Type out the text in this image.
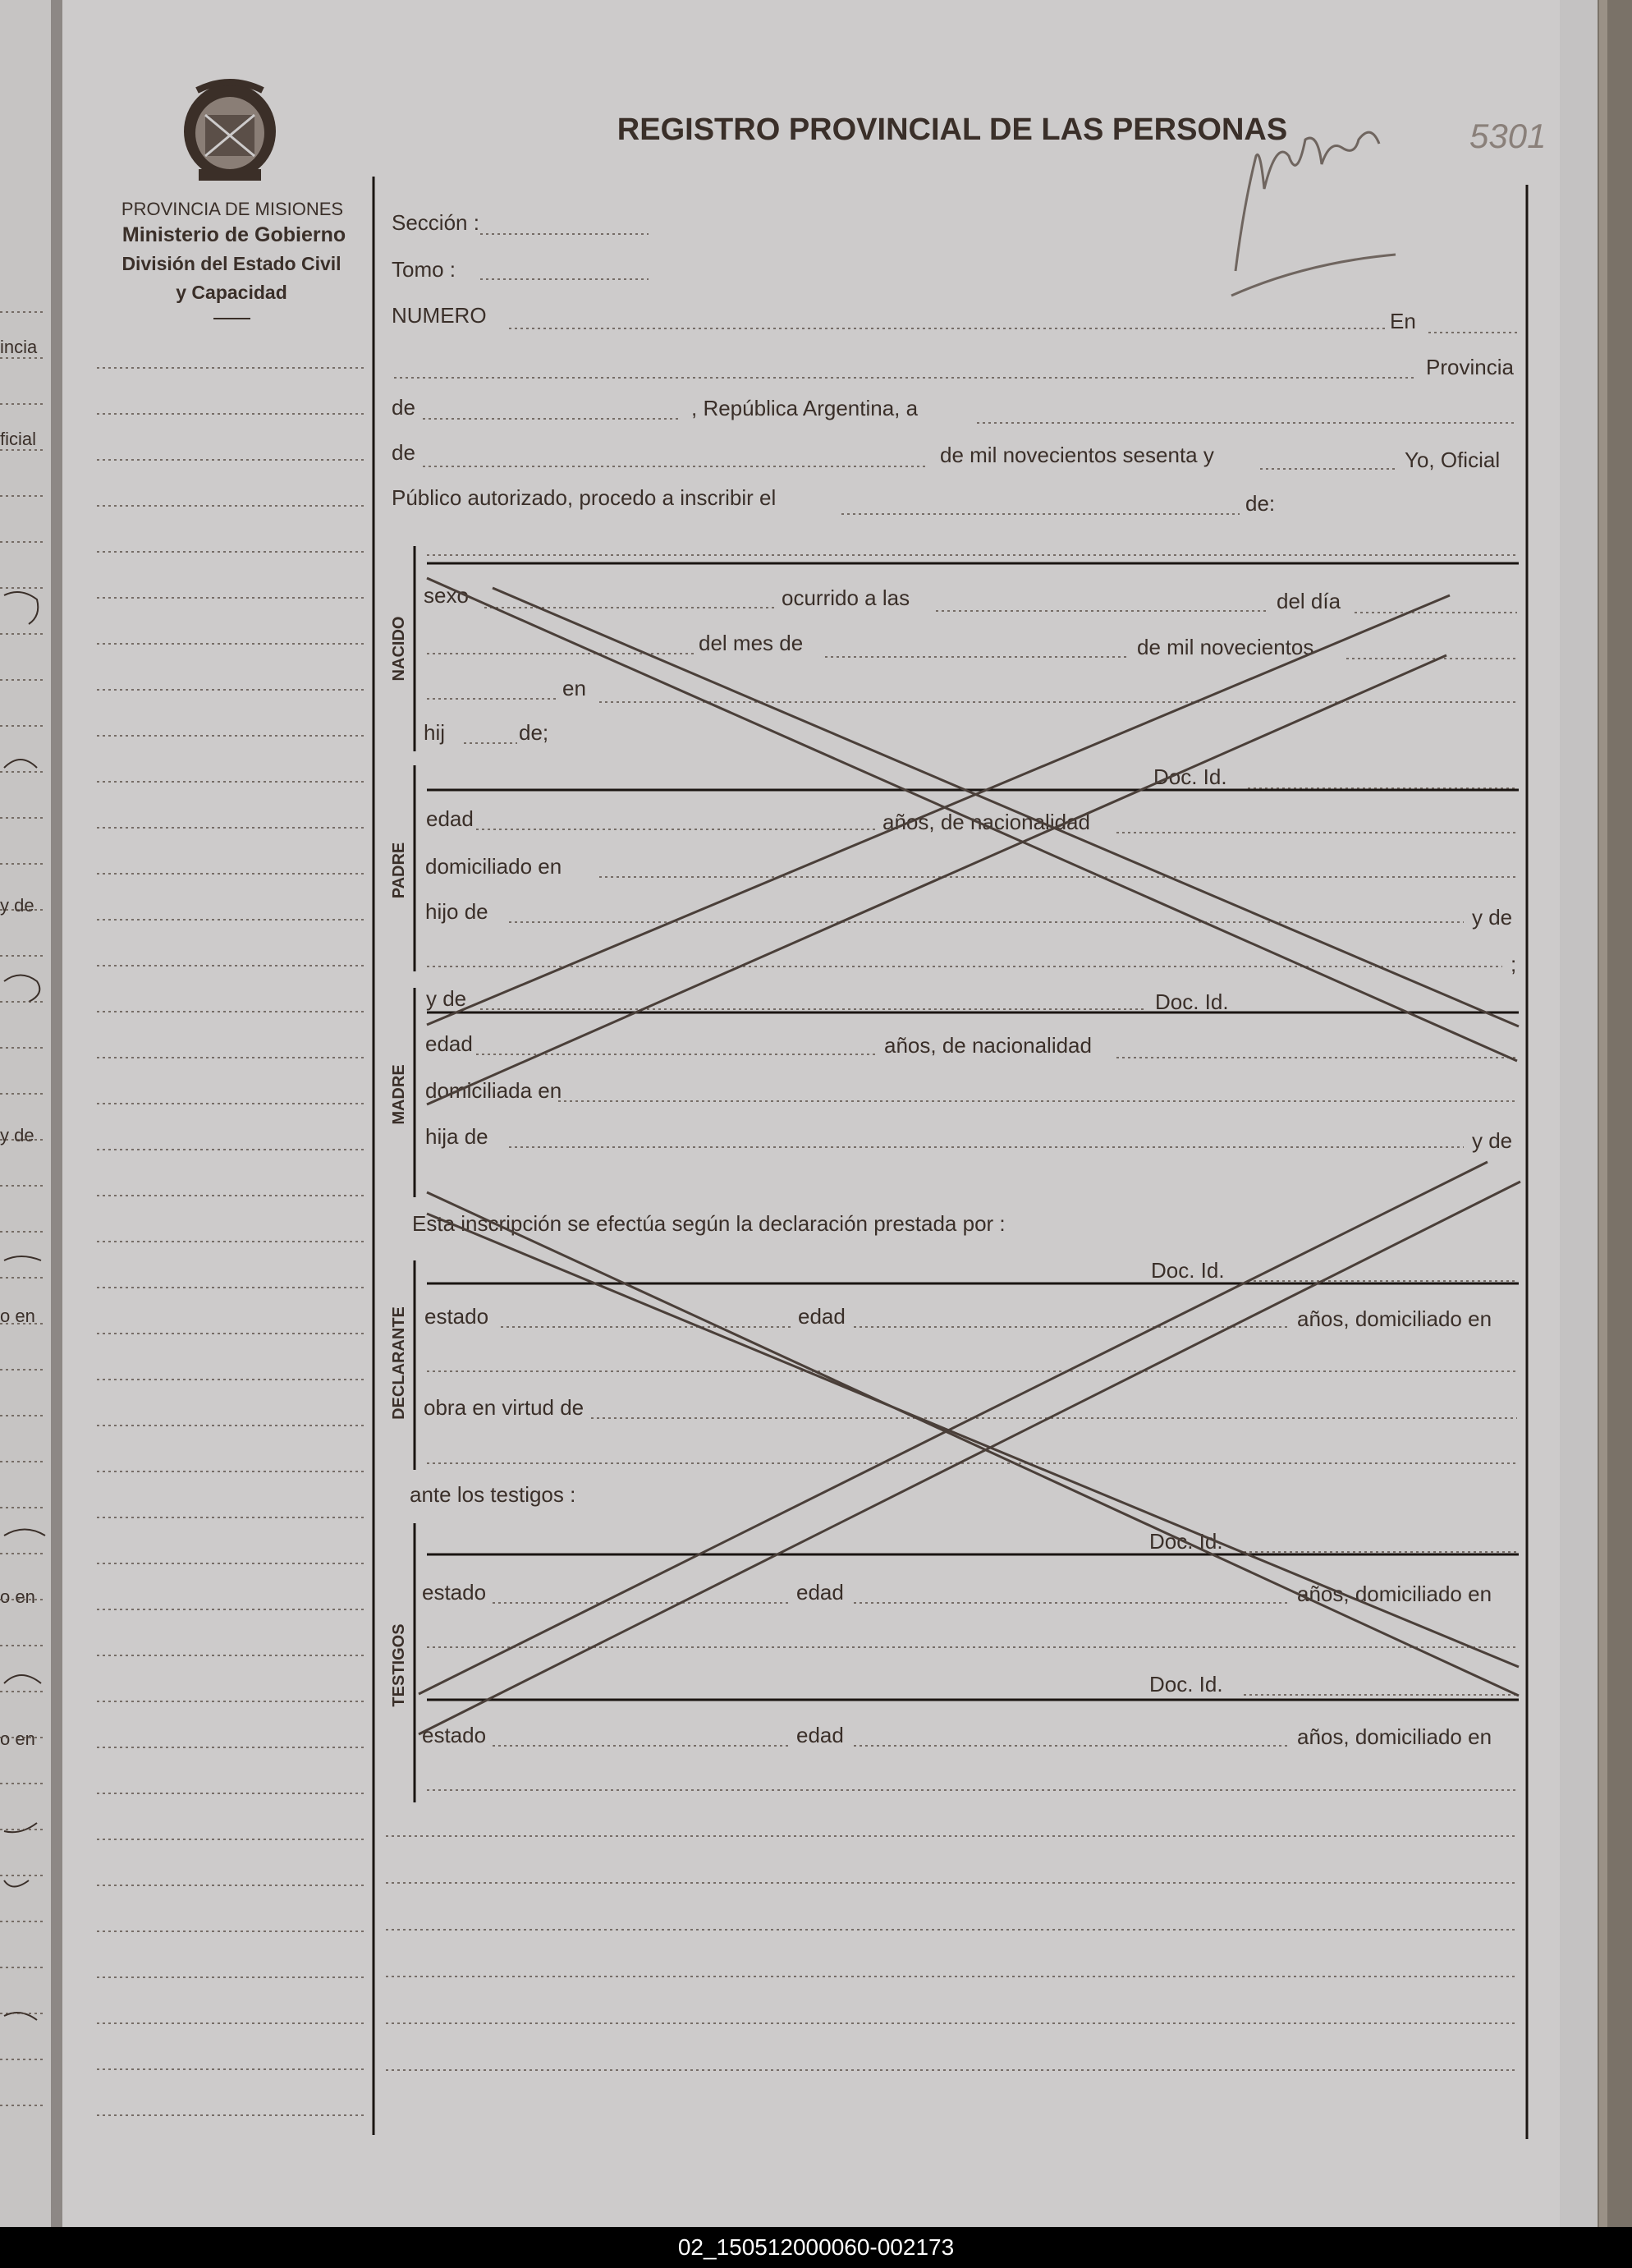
incia
ficial
y de
y de
o en
o en
o en
PROVINCIA DE MISIONES
Ministerio de Gobierno
División del Estado Civil
y Capacidad
REGISTRO PROVINCIAL DE LAS PERSONAS	5301
Sección :
Tomo :
NUMERO	En
Provincia
de	, República Argentina, a
de	de mil novecientos sesenta y	Yo, Oficial
Público autorizado, procedo a inscribir el	de:
sexo	ocurrido a las	del día
del mes de	de mil novecientos
en
hij	de;
Doc. Id.
edad	años, de nacionalidad
domiciliado en
hijo de	y de
;
y de	Doc. Id.
edad	años, de nacionalidad
domiciliada en
hija de	y de
Esta inscripción se efectúa según la declaración prestada por :
Doc. Id.
estado	edad	años, domiciliado en
obra en virtud de
ante los testigos :
Doc. Id.
estado	edad	años, domiciliado en
Doc. Id.
estado	edad	años, domiciliado en
NACIDO
PADRE
MADRE
DECLARANTE
TESTIGOS
02_150512000060-002173
